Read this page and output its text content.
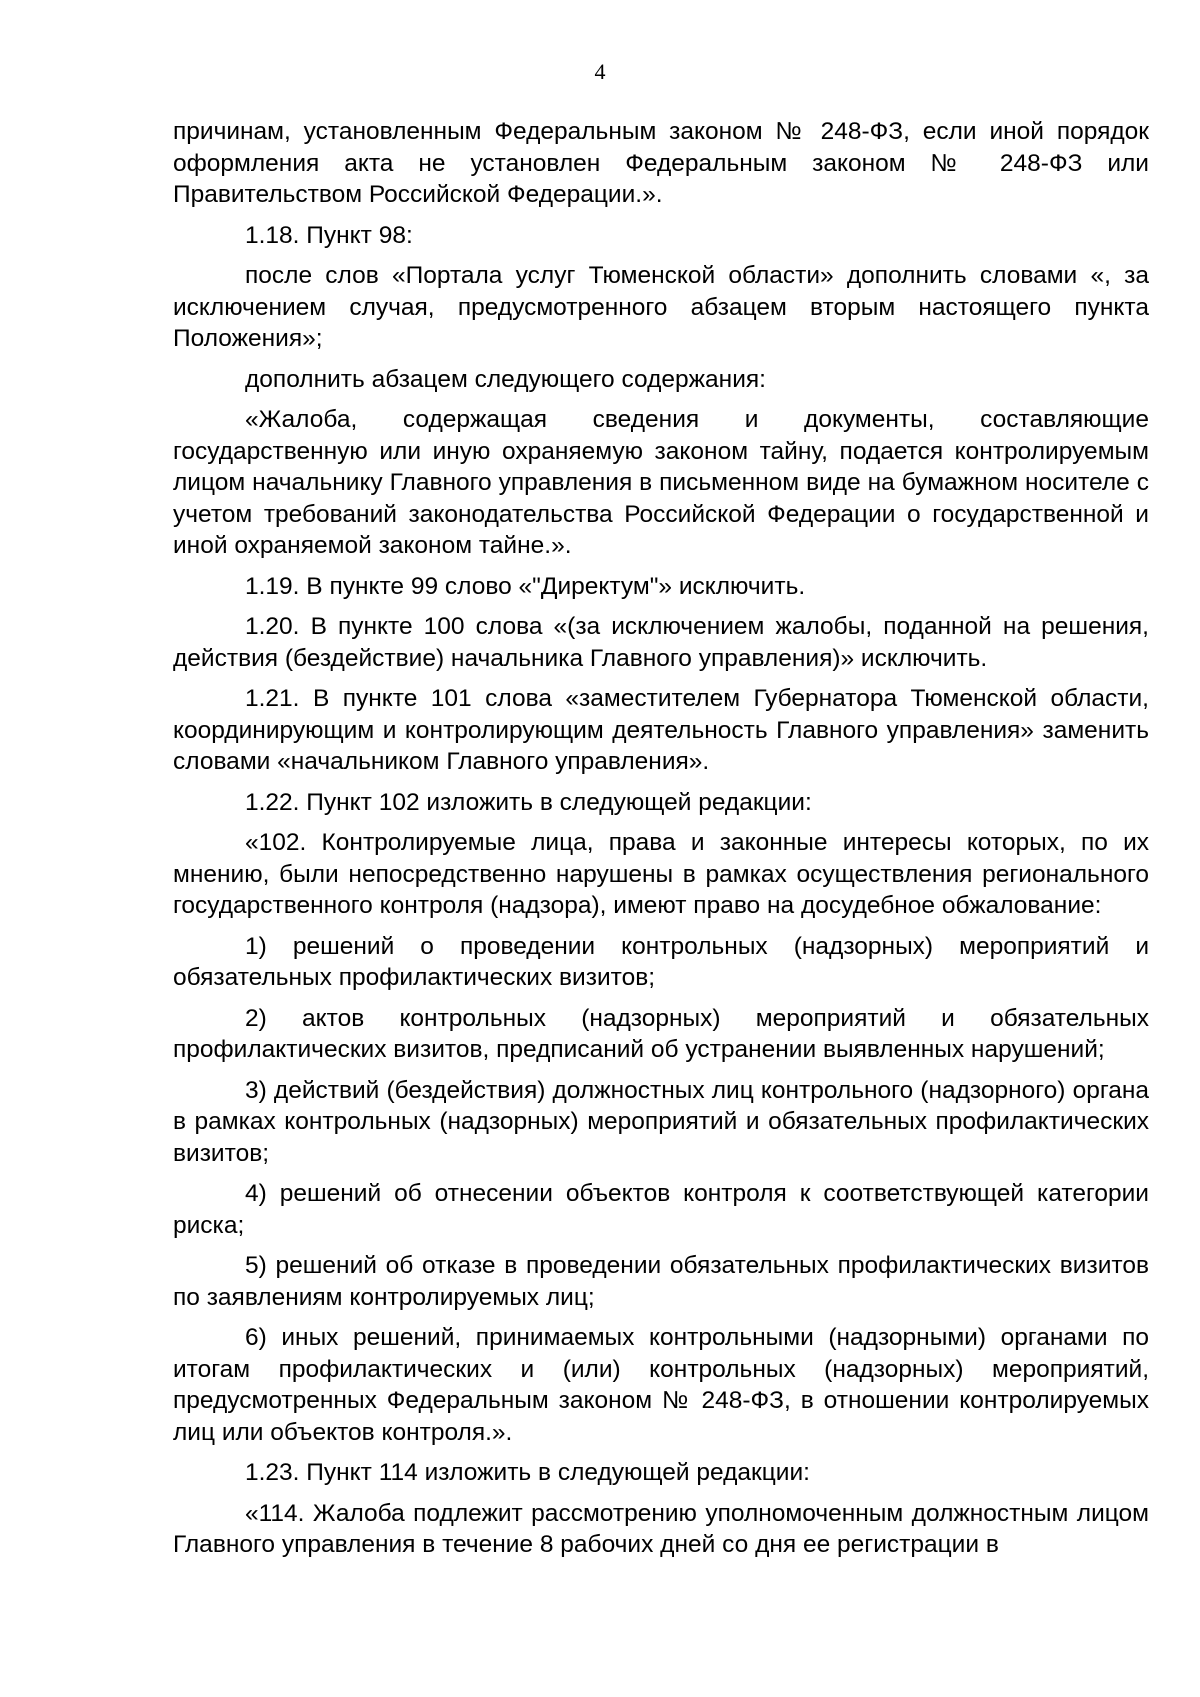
4

причинам, установленным Федеральным законом № 248-ФЗ, если иной порядок оформления акта не установлен Федеральным законом № 248-ФЗ или Правительством Российской Федерации.».

1.18. Пункт 98:

после слов «Портала услуг Тюменской области» дополнить словами «, за исключением случая, предусмотренного абзацем вторым настоящего пункта Положения»;

дополнить абзацем следующего содержания:

«Жалоба, содержащая сведения и документы, составляющие государственную или иную охраняемую законом тайну, подается контролируемым лицом начальнику Главного управления в письменном виде на бумажном носителе с учетом требований законодательства Российской Федерации о государственной и иной охраняемой законом тайне.».

1.19. В пункте 99 слово «"Директум"» исключить.

1.20. В пункте 100 слова «(за исключением жалобы, поданной на решения, действия (бездействие) начальника Главного управления)» исключить.

1.21. В пункте 101 слова «заместителем Губернатора Тюменской области, координирующим и контролирующим деятельность Главного управления» заменить словами «начальником Главного управления».

1.22. Пункт 102 изложить в следующей редакции:

«102. Контролируемые лица, права и законные интересы которых, по их мнению, были непосредственно нарушены в рамках осуществления регионального государственного контроля (надзора), имеют право на досудебное обжалование:

1) решений о проведении контрольных (надзорных) мероприятий и обязательных профилактических визитов;

2) актов контрольных (надзорных) мероприятий и обязательных профилактических визитов, предписаний об устранении выявленных нарушений;

3) действий (бездействия) должностных лиц контрольного (надзорного) органа в рамках контрольных (надзорных) мероприятий и обязательных профилактических визитов;

4) решений об отнесении объектов контроля к соответствующей категории риска;

5) решений об отказе в проведении обязательных профилактических визитов по заявлениям контролируемых лиц;

6) иных решений, принимаемых контрольными (надзорными) органами по итогам профилактических и (или) контрольных (надзорных) мероприятий, предусмотренных Федеральным законом № 248-ФЗ, в отношении контролируемых лиц или объектов контроля.».

1.23. Пункт 114 изложить в следующей редакции:

«114. Жалоба подлежит рассмотрению уполномоченным должностным лицом Главного управления в течение 8 рабочих дней со дня ее регистрации в
